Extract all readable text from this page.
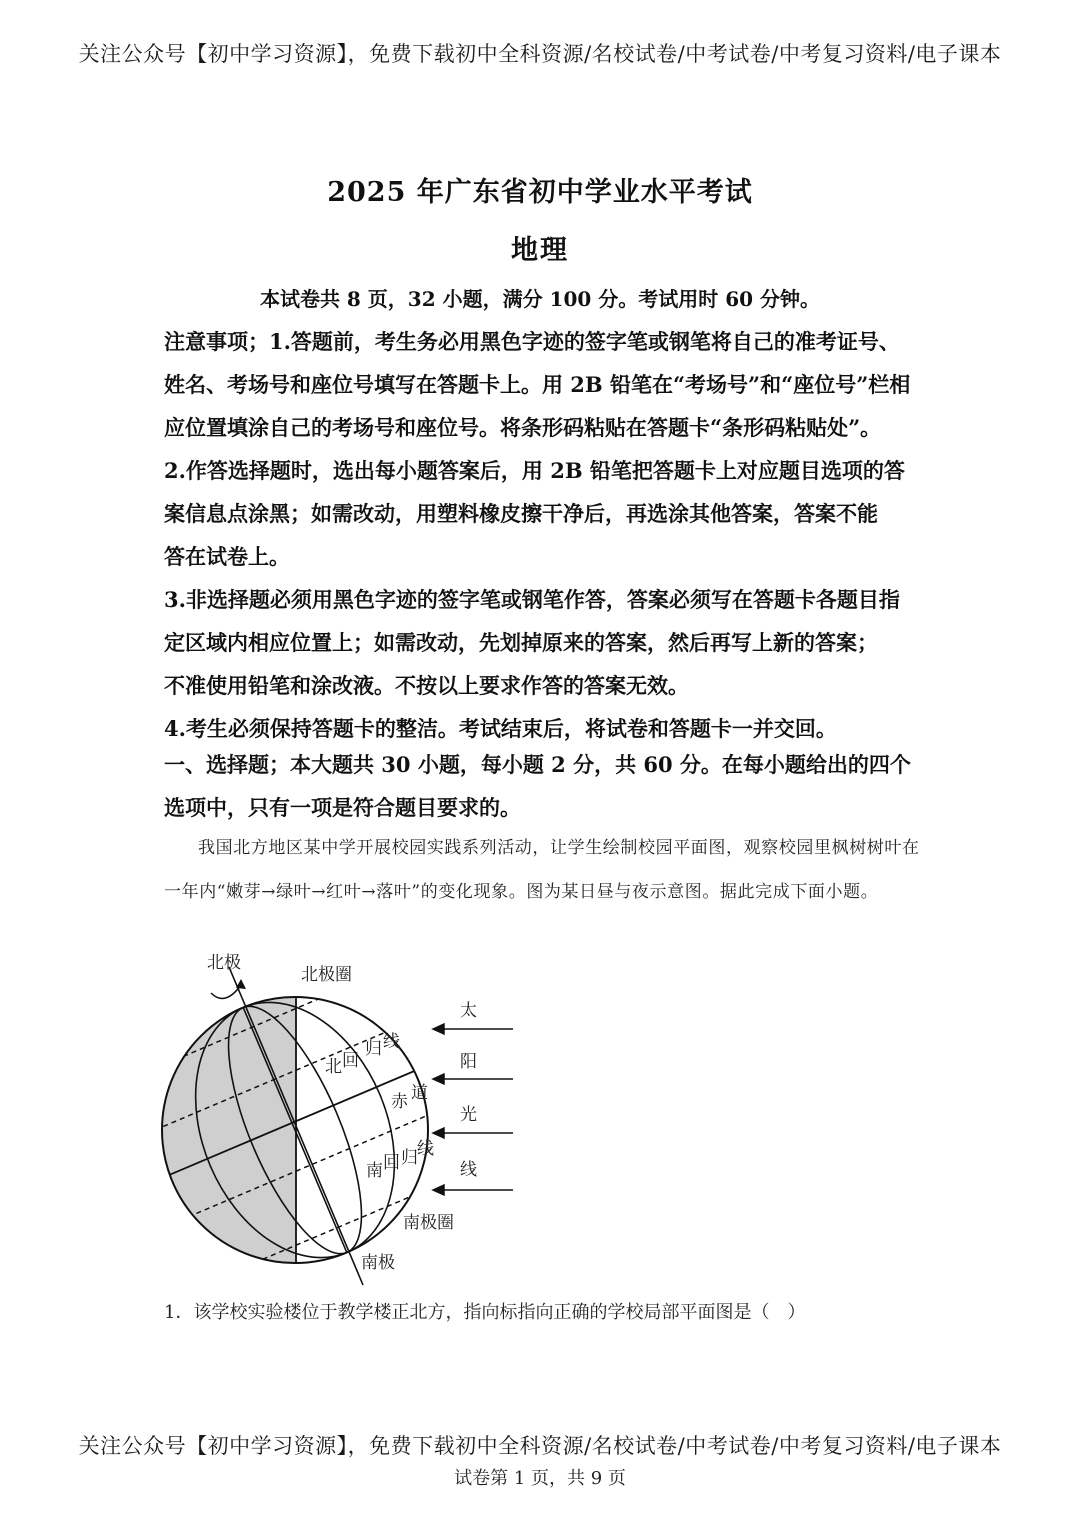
关注公众号【初中学习资源】，免费下载初中全科资源/名校试卷/中考试卷/中考复习资料/电子课本
2025 年广东省初中学业水平考试
地理
本试卷共 8 页，32 小题，满分 100 分。考试用时 60 分钟。

注意事项；1.答题前，考生务必用黑色字迹的签字笔或钢笔将自己的准考证号、

姓名、考场号和座位号填写在答题卡上。用 2B 铅笔在“考场号”和“座位号”栏相

应位置填涂自己的考场号和座位号。将条形码粘贴在答题卡“条形码粘贴处”。

2.作答选择题时，选出每小题答案后，用 2B 铅笔把答题卡上对应题目选项的答

案信息点涂黑；如需改动，用塑料橡皮擦干净后，再选涂其他答案，答案不能

答在试卷上。

3.非选择题必须用黑色字迹的签字笔或钢笔作答，答案必须写在答题卡各题目指

定区域内相应位置上；如需改动，先划掉原来的答案，然后再写上新的答案；

不准使用铅笔和涂改液。不按以上要求作答的答案无效。

4.考生必须保持答题卡的整洁。考试结束后，将试卷和答题卡一并交回。

一、选择题；本大题共 30 小题，每小题 2 分，共 60 分。在每小题给出的四个

选项中，只有一项是符合题目要求的。

我国北方地区某中学开展校园实践系列活动，让学生绘制校园平面图，观察校园里枫树树叶在一年内“嫩芽→绿叶→红叶→落叶”的变化现象。图为某日昼与夜示意图。据此完成下面小题。
北极
北极圈
北 回
归 线
赤 道
南 回 归 线
南极圈
南极
太
阳
光
线
1．该学校实验楼位于教学楼正北方，指向标指向正确的学校局部平面图是（　）
关注公众号【初中学习资源】，免费下载初中全科资源/名校试卷/中考试卷/中考复习资料/电子课本
试卷第 1 页，共 9 页
